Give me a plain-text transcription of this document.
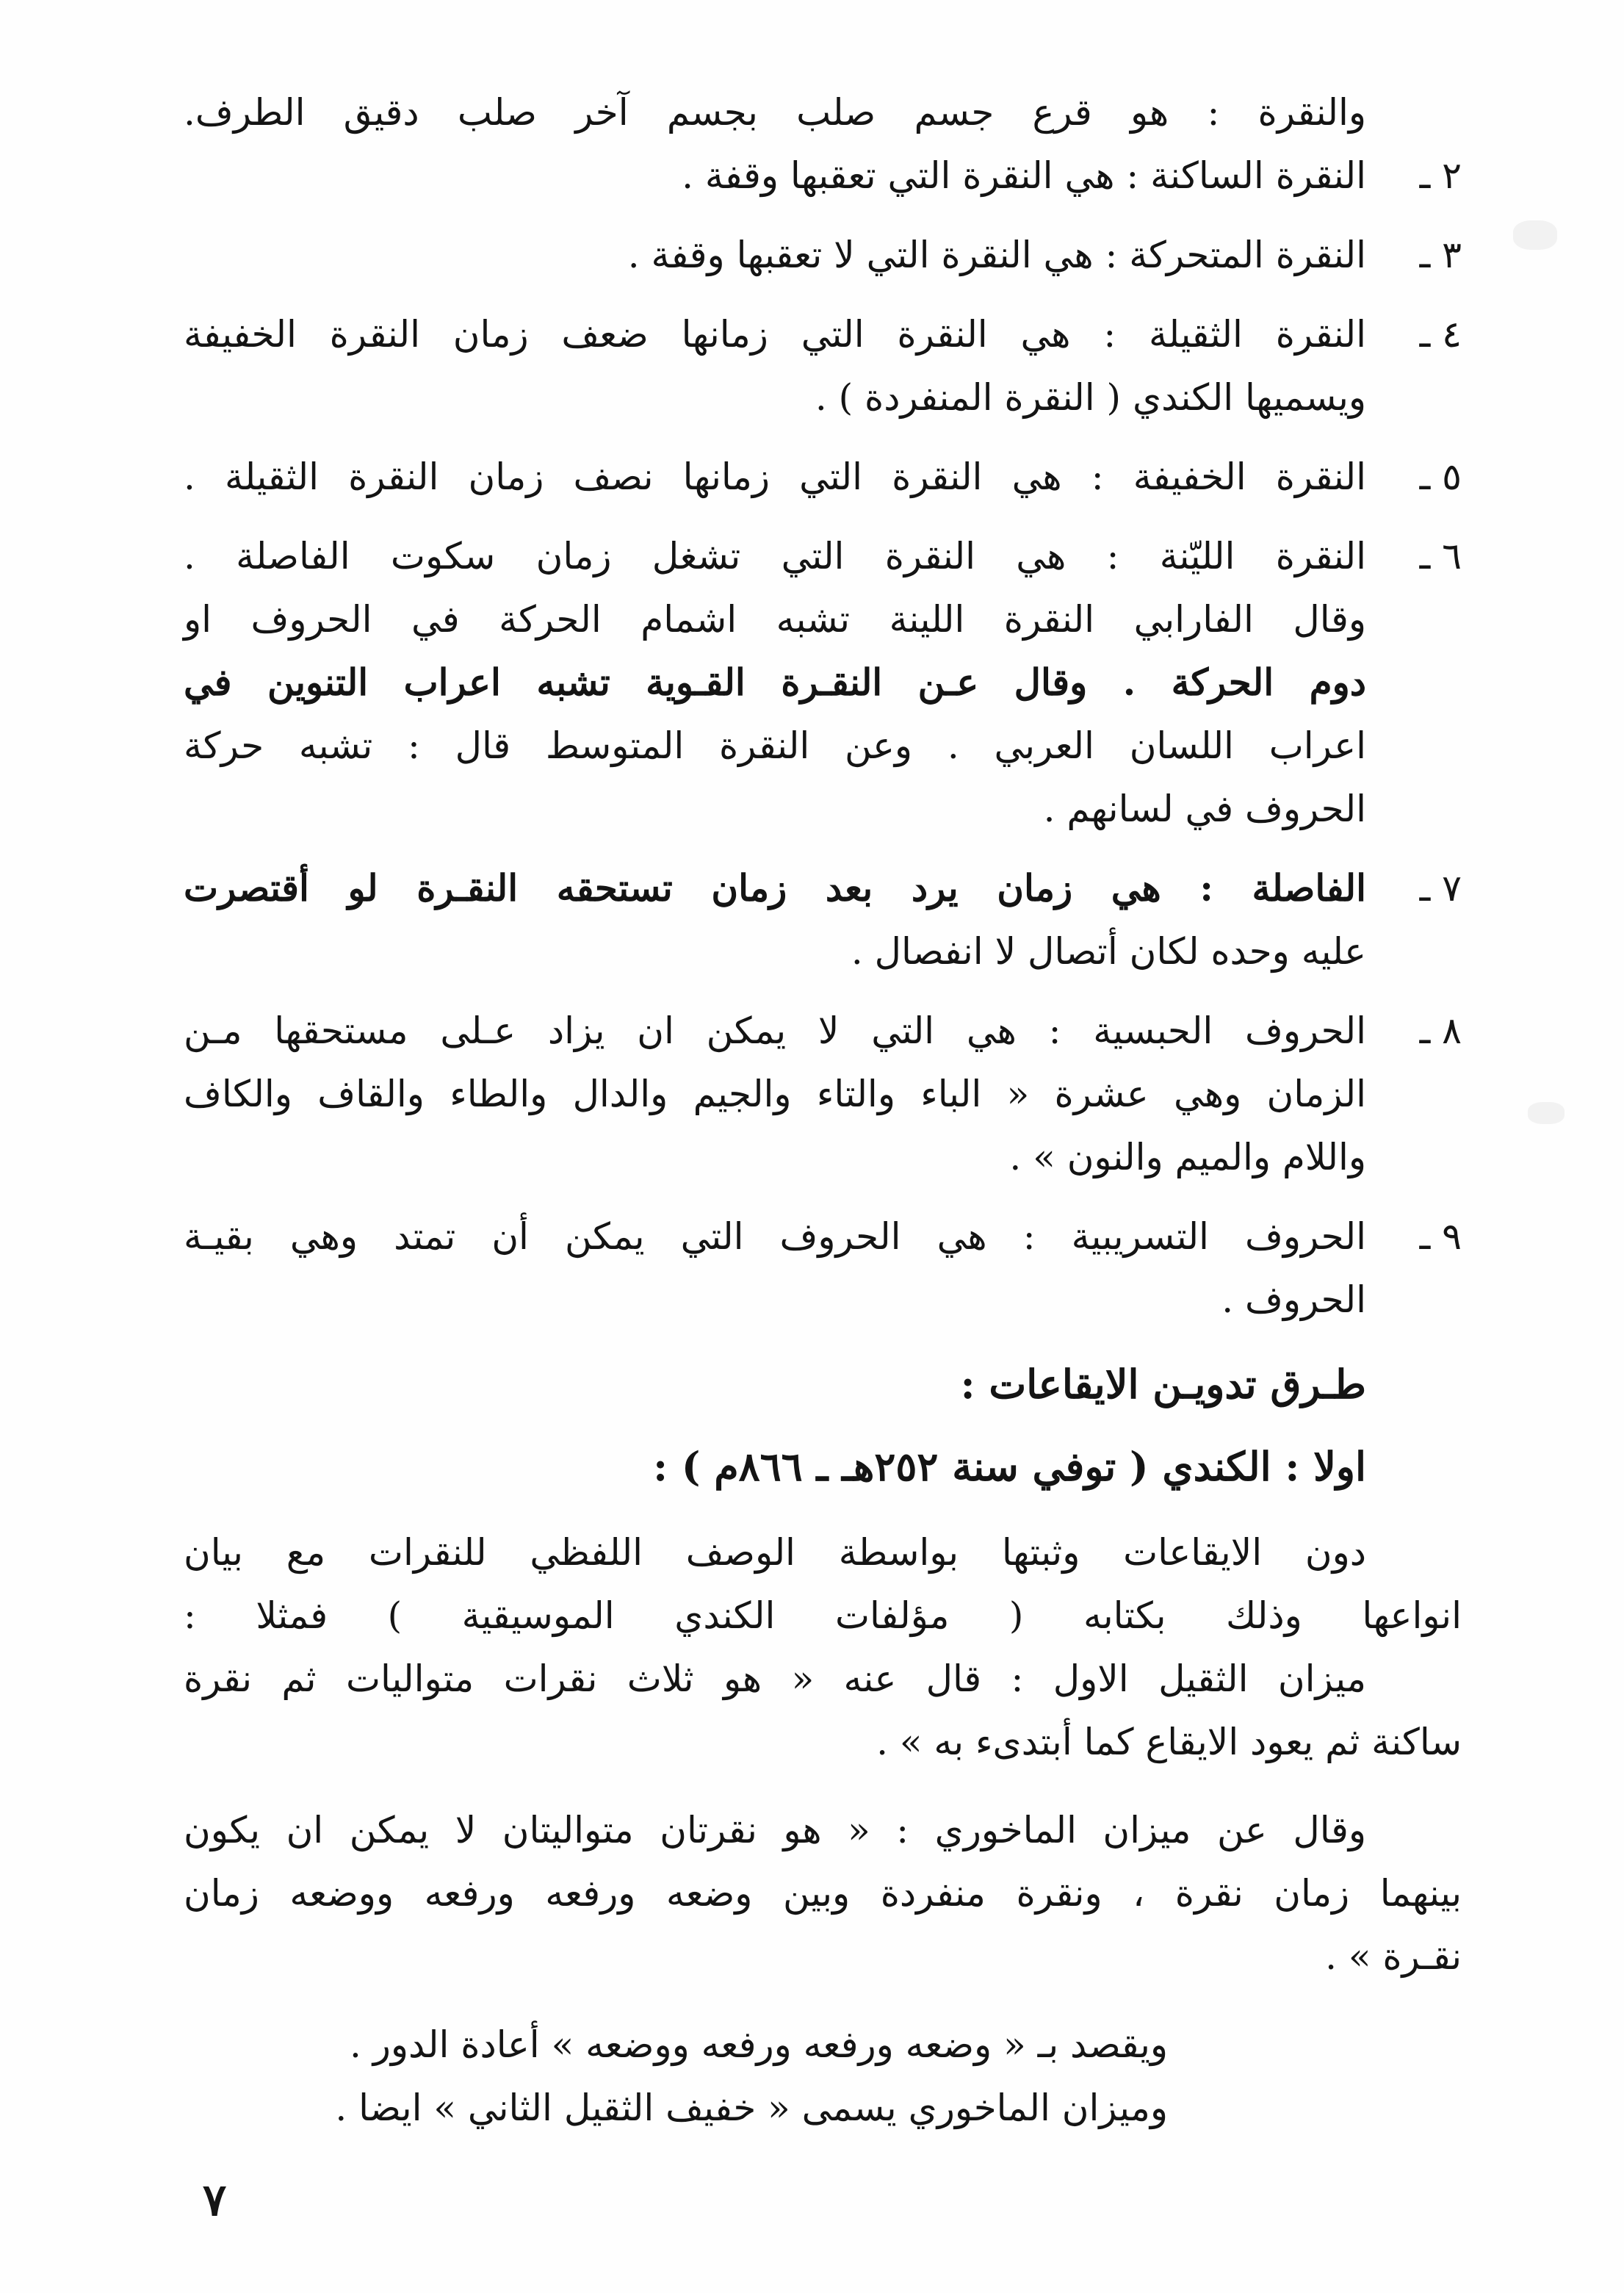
والنقرة : هو قرع جسم صلب بجسم آخر صلب دقيق الطرف.
٢ ـ
النقرة الساكنة : هي النقرة التي تعقبها وقفة .
٣ ـ
النقرة المتحركة : هي النقرة التي لا تعقبها وقفة .
٤ ـ
النقرة الثقيلة : هي النقرة التي زمانها ضعف زمان النقرة الخفيفة
ويسميها الكندي ( النقرة المنفردة ) .
٥ ـ
النقرة الخفيفة : هي النقرة التي زمانها نصف زمان النقرة الثقيلة .
٦ ـ
النقرة الليّنة : هي النقرة التي تشغل زمان سكوت الفاصلة .
وقال الفارابي النقرة اللينة تشبه اشمام الحركة في الحروف او
دوم الحركة . وقال عـن النقـرة القـوية تشبه اعراب التنوين في
اعراب اللسان العربي . وعن النقرة المتوسط قال : تشبه حركة
الحروف في لسانهم .
٧ ـ
الفاصلة : هي زمان يرد بعد زمان تستحقه النقـرة لو أقتصرت
عليه وحده لكان أتصال لا انفصال .
٨ ـ
الحروف الحبسية : هي التي لا يمكن ان يزاد عـلى مستحقها مـن
الزمان وهي عشرة « الباء والتاء والجيم والدال والطاء والقاف والكاف
واللام والميم والنون » .
٩ ـ
الحروف التسريبية : هي الحروف التي يمكن أن تمتد وهي بقيـة
الحروف .
طـرق تدويـن الايقاعات :
اولا : الكندي ( توفي سنة ٢٥٢هـ ـ ٨٦٦م ) :
دون الايقاعات وثبتها بواسطة الوصف اللفظي للنقرات مع بيان
انواعها وذلك بكتابه ( مؤلفات الكندي الموسيقية ) فمثلا :
ميزان الثقيل الاول : قال عنه « هو ثلاث نقرات متواليات ثم نقرة
ساكنة ثم يعود الايقاع كما أبتدىء به » .
وقال عن ميزان الماخوري : « هو نقرتان متواليتان لا يمكن ان يكون
بينهما زمان نقرة ، ونقرة منفردة وبين وضعه ورفعه ورفعه ووضعه زمان
نقـرة » .
ويقصد بـ « وضعه ورفعه ورفعه ووضعه » أعادة الدور .
وميزان الماخوري يسمى « خفيف الثقيل الثاني » ايضا .
٧
